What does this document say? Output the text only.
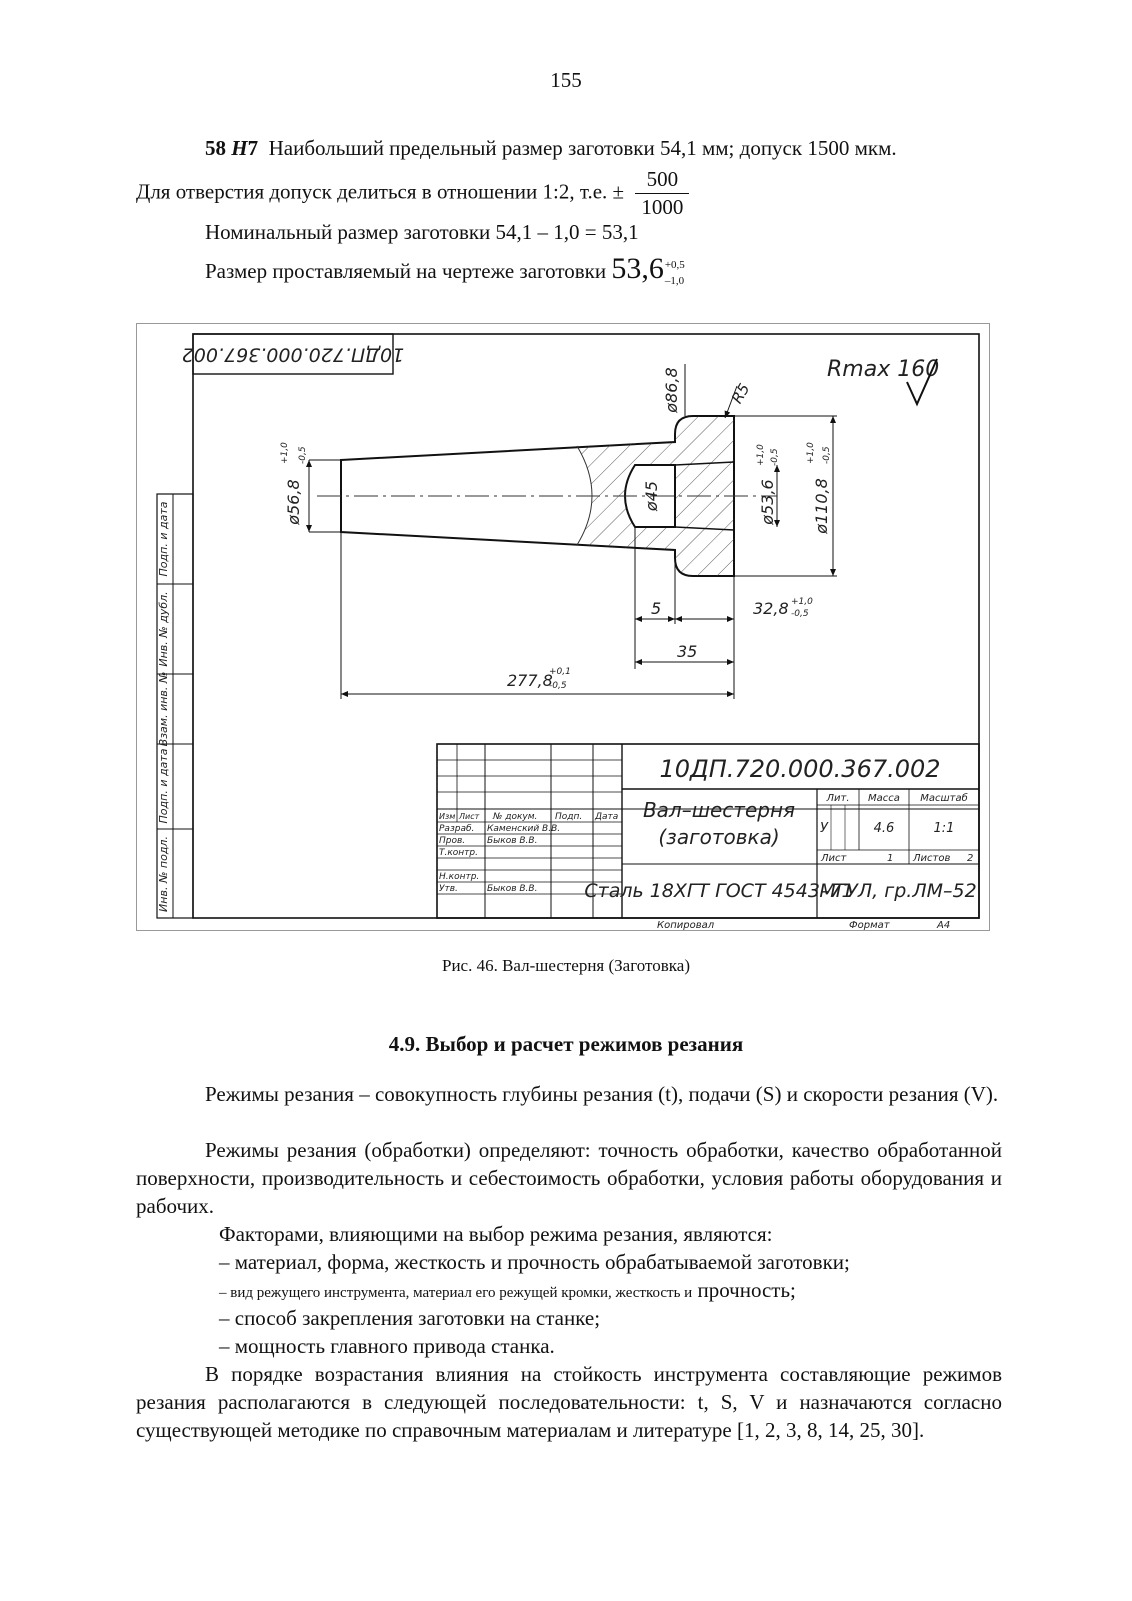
155
58 H7 Наибольший предельный размер заготовки 54,1 мм; допуск 1500 мкм.
Для отверстия допуск делиться в отношении 1:2, т.е. ± $\frac{500}{1000}$
Номинальный размер заготовки 54,1 – 1,0 = 53,1
Размер проставляемый на чертеже заготовки 53,6 +0,5
–1,0
10ДП.720.000.367.002
Подп. и дата
Инв. № дубл.
Взам. инв. №
Подп. и дата
Инв. № подл.
Rmax 160
ø56,8
+1,0 -0,5
ø86,8	R5
ø45	ø53,6
+1,0 -0,5
ø110,8
+1,0 -0,5
5	32,8 +1,0
-0,5
35
277,8
+0,1
-0,5
10ДП.720.000.367.002
Вал–шестерня
(заготовка)
Изм Лист № докум. Подп. Дата
Разраб. Каменский В.В.
Пров. Быков В.В.
Т.контр.
Н.контр.
Утв.	Быков В.В.
Лит. Масса Масштаб
У	4.6	1:1
Лист	1 Листов 2
Сталь 18ХГТ ГОСТ 4543–71
МГУЛ, гр.ЛМ–52
Копировал	Формат	А4
Рис. 46. Вал-шестерня (Заготовка)
4.9. Выбор и расчет режимов резания
Режимы резания – совокупность глубины резания (t), подачи (S) и скорости резания (V).
Режимы резания (обработки) определяют: точность обработки, качество обработанной поверхности, производительность и себестоимость обработки, условия работы оборудования и рабочих.
Факторами, влияющими на выбор режима резания, являются:
– материал, форма, жесткость и прочность обрабатываемой заготовки;
– вид режущего инструмента, материал его режущей кромки, жесткость и прочность;
– способ закрепления заготовки на станке;
– мощность главного привода станка.
В порядке возрастания влияния на стойкость инструмента составляющие режимов резания располагаются в следующей последовательности: t, S, V и назначаются согласно существующей методике по справочным материалам и литературе [1, 2, 3, 8, 14, 25, 30].
